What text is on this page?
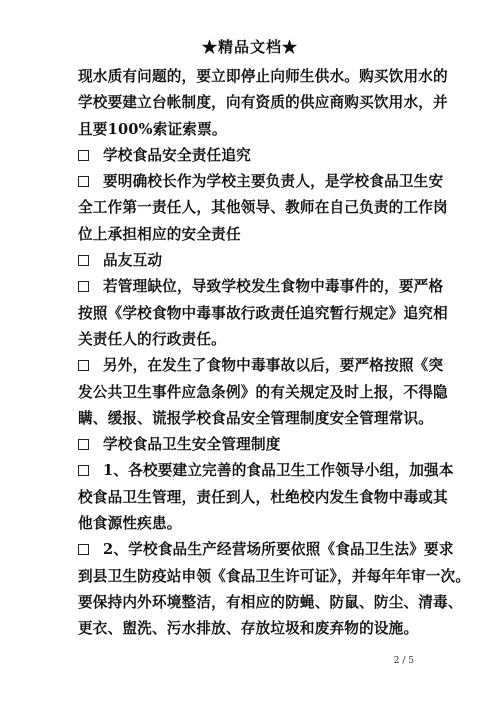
★精品文档★
现水质有问题的，要立即停止向师生供水。购买饮用水的
学校要建立台帐制度，向有资质的供应商购买饮用水，并
且要100%索证索票。
学校食品安全责任追究
要明确校长作为学校主要负责人，是学校食品卫生安
全工作第一责任人，其他领导、教师在自己负责的工作岗
位上承担相应的安全责任
品友互动
若管理缺位，导致学校发生食物中毒事件的，要严格
按照《学校食物中毒事故行政责任追究暂行规定》追究相
关责任人的行政责任。
另外，在发生了食物中毒事故以后，要严格按照《突
发公共卫生事件应急条例》的有关规定及时上报，不得隐
瞒、缓报、谎报学校食品安全管理制度安全管理常识。
学校食品卫生安全管理制度
1、各校要建立完善的食品卫生工作领导小组，加强本
校食品卫生管理，责任到人，杜绝校内发生食物中毒或其
他食源性疾患。
2、学校食品生产经营场所要依照《食品卫生法》要求
到县卫生防疫站申领《食品卫生许可证》，并每年年审一次。
要保持内外环境整洁，有相应的防蝇、防鼠、防尘、清毒、
更衣、盥洗、污水排放、存放垃圾和废弃物的设施。
2 / 5
